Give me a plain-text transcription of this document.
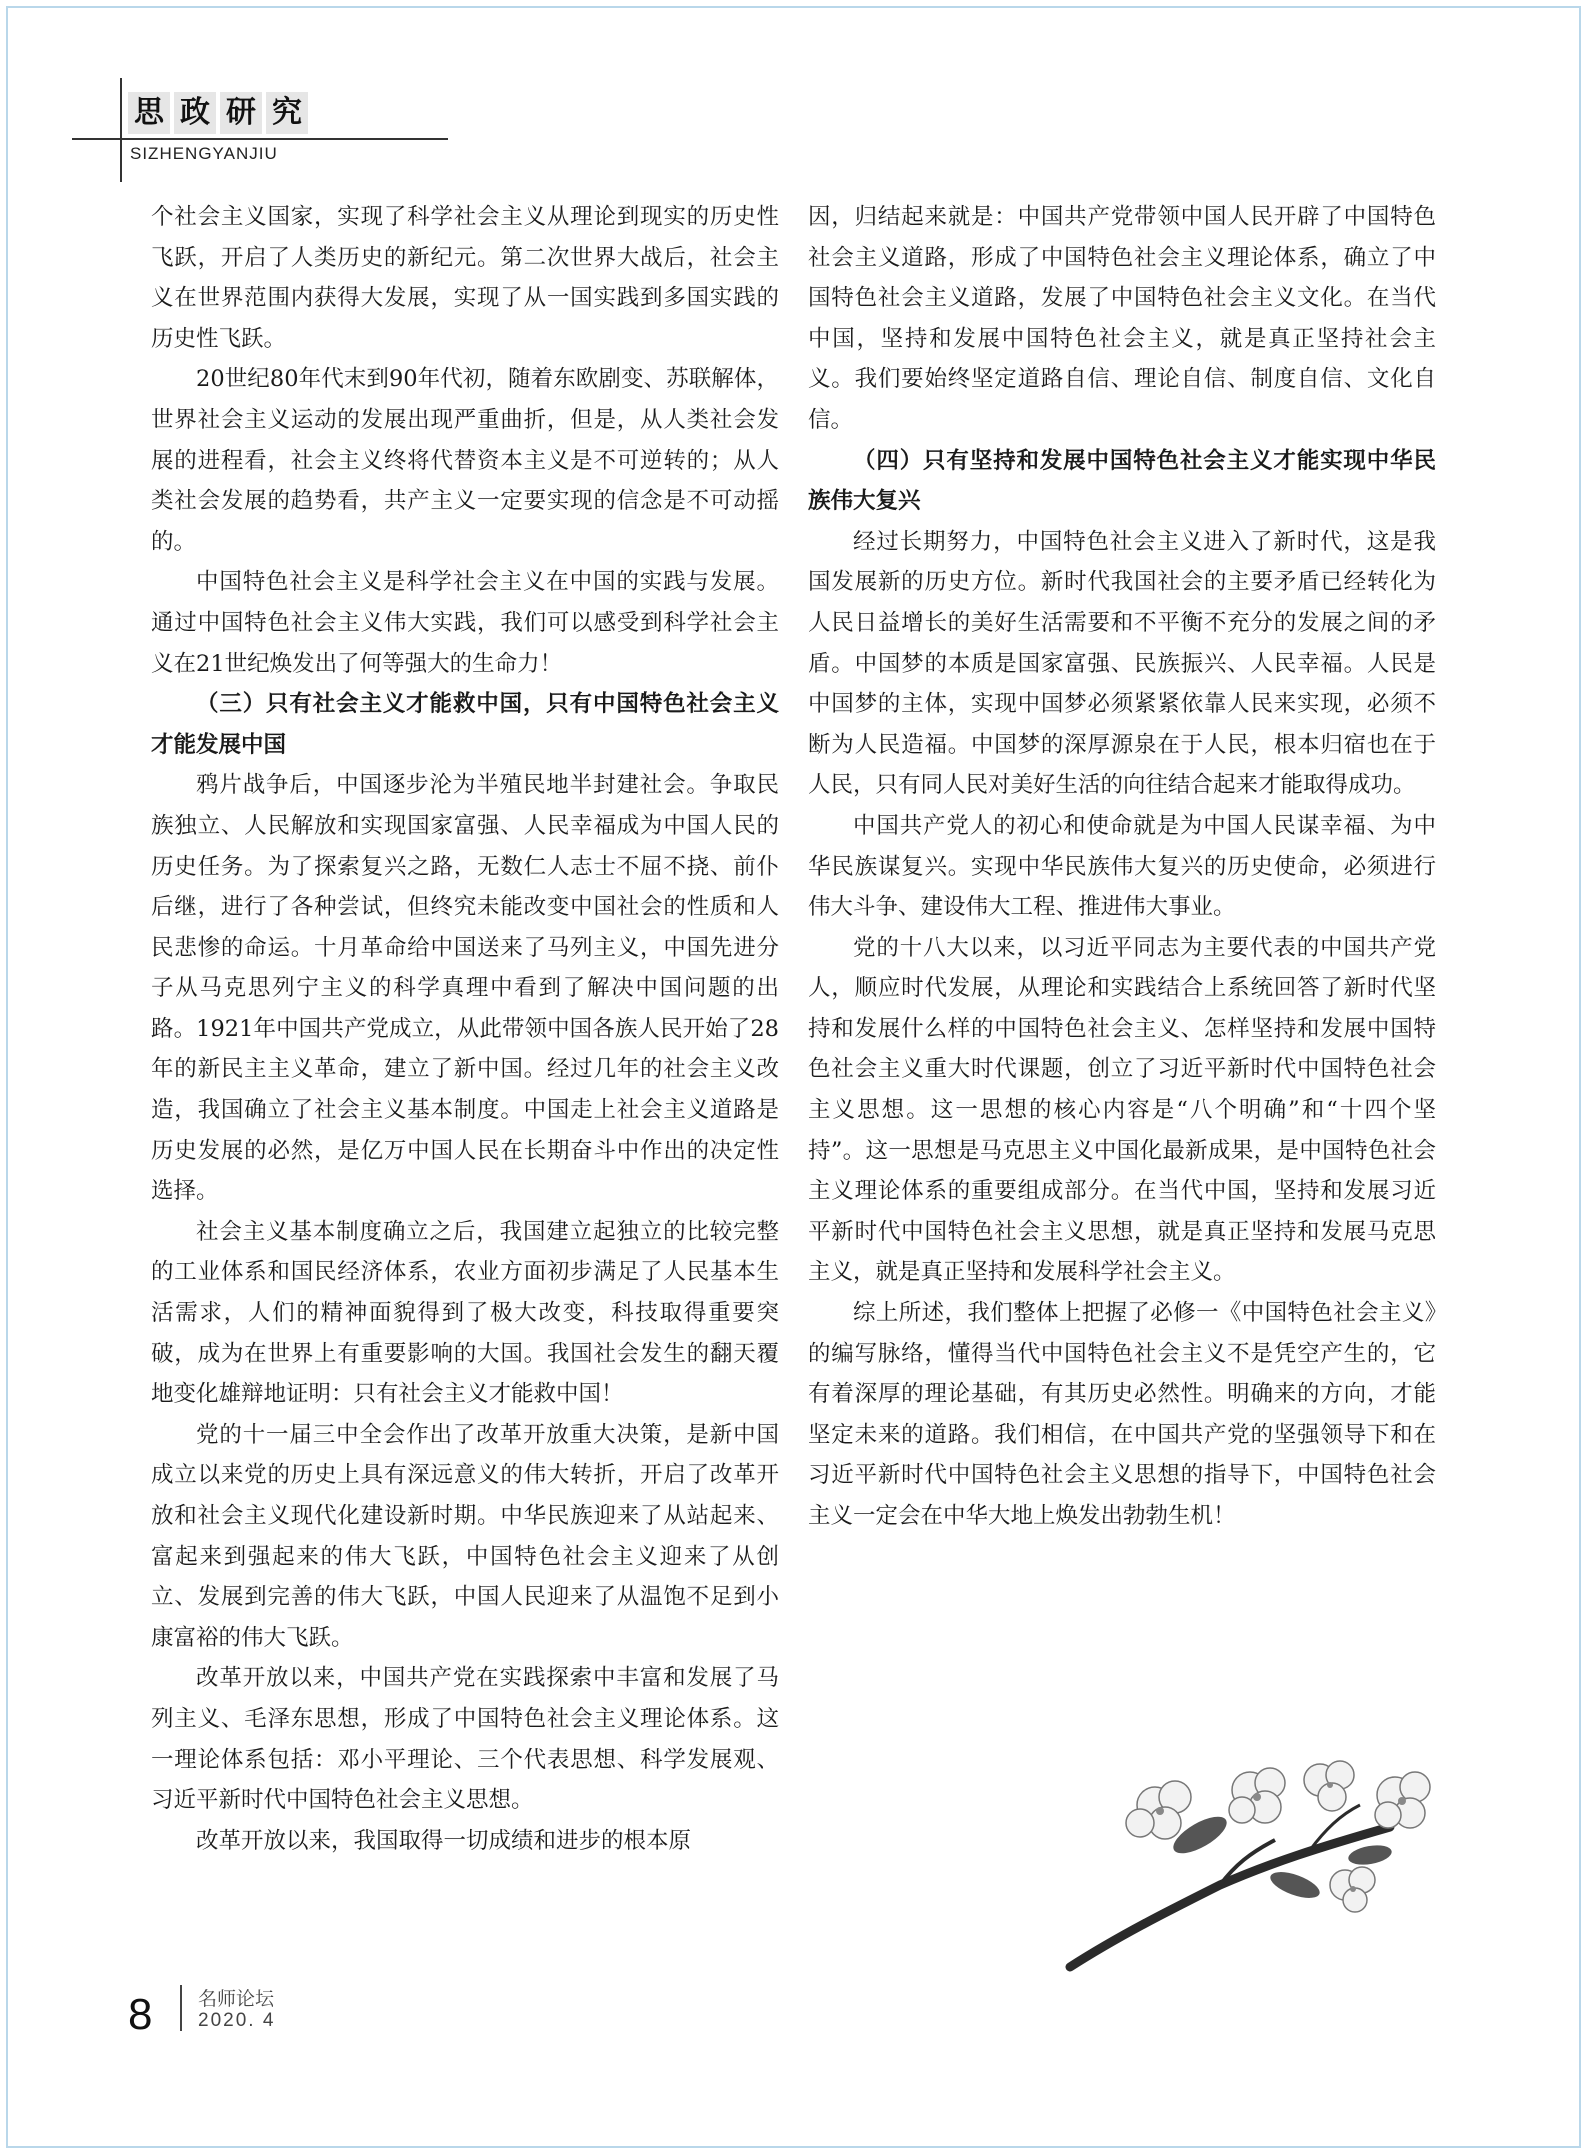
思 政 研 究
SIZHENGYANJIU

个社会主义国家，实现了科学社会主义从理论到现实的历史性飞跃，开启了人类历史的新纪元。第二次世界大战后，社会主义在世界范围内获得大发展，实现了从一国实践到多国实践的历史性飞跃。

20世纪80年代末到90年代初，随着东欧剧变、苏联解体，世界社会主义运动的发展出现严重曲折，但是，从人类社会发展的进程看，社会主义终将代替资本主义是不可逆转的；从人类社会发展的趋势看，共产主义一定要实现的信念是不可动摇的。

中国特色社会主义是科学社会主义在中国的实践与发展。通过中国特色社会主义伟大实践，我们可以感受到科学社会主义在21世纪焕发出了何等强大的生命力！

（三）只有社会主义才能救中国，只有中国特色社会主义才能发展中国

鸦片战争后，中国逐步沦为半殖民地半封建社会。争取民族独立、人民解放和实现国家富强、人民幸福成为中国人民的历史任务。为了探索复兴之路，无数仁人志士不屈不挠、前仆后继，进行了各种尝试，但终究未能改变中国社会的性质和人民悲惨的命运。十月革命给中国送来了马列主义，中国先进分子从马克思列宁主义的科学真理中看到了解决中国问题的出路。1921年中国共产党成立，从此带领中国各族人民开始了28年的新民主主义革命，建立了新中国。经过几年的社会主义改造，我国确立了社会主义基本制度。中国走上社会主义道路是历史发展的必然，是亿万中国人民在长期奋斗中作出的决定性选择。

社会主义基本制度确立之后，我国建立起独立的比较完整的工业体系和国民经济体系，农业方面初步满足了人民基本生活需求，人们的精神面貌得到了极大改变，科技取得重要突破，成为在世界上有重要影响的大国。我国社会发生的翻天覆地变化雄辩地证明：只有社会主义才能救中国！

党的十一届三中全会作出了改革开放重大决策，是新中国成立以来党的历史上具有深远意义的伟大转折，开启了改革开放和社会主义现代化建设新时期。中华民族迎来了从站起来、富起来到强起来的伟大飞跃，中国特色社会主义迎来了从创立、发展到完善的伟大飞跃，中国人民迎来了从温饱不足到小康富裕的伟大飞跃。

改革开放以来，中国共产党在实践探索中丰富和发展了马列主义、毛泽东思想，形成了中国特色社会主义理论体系。这一理论体系包括：邓小平理论、三个代表思想、科学发展观、习近平新时代中国特色社会主义思想。

改革开放以来，我国取得一切成绩和进步的根本原

因，归结起来就是：中国共产党带领中国人民开辟了中国特色社会主义道路，形成了中国特色社会主义理论体系，确立了中国特色社会主义道路，发展了中国特色社会主义文化。在当代中国，坚持和发展中国特色社会主义，就是真正坚持社会主义。我们要始终坚定道路自信、理论自信、制度自信、文化自信。

（四）只有坚持和发展中国特色社会主义才能实现中华民族伟大复兴

经过长期努力，中国特色社会主义进入了新时代，这是我国发展新的历史方位。新时代我国社会的主要矛盾已经转化为人民日益增长的美好生活需要和不平衡不充分的发展之间的矛盾。中国梦的本质是国家富强、民族振兴、人民幸福。人民是中国梦的主体，实现中国梦必须紧紧依靠人民来实现，必须不断为人民造福。中国梦的深厚源泉在于人民，根本归宿也在于人民，只有同人民对美好生活的向往结合起来才能取得成功。

中国共产党人的初心和使命就是为中国人民谋幸福、为中华民族谋复兴。实现中华民族伟大复兴的历史使命，必须进行伟大斗争、建设伟大工程、推进伟大事业。

党的十八大以来，以习近平同志为主要代表的中国共产党人，顺应时代发展，从理论和实践结合上系统回答了新时代坚持和发展什么样的中国特色社会主义、怎样坚持和发展中国特色社会主义重大时代课题，创立了习近平新时代中国特色社会主义思想。这一思想的核心内容是“八个明确”和“十四个坚持”。这一思想是马克思主义中国化最新成果，是中国特色社会主义理论体系的重要组成部分。在当代中国，坚持和发展习近平新时代中国特色社会主义思想，就是真正坚持和发展马克思主义，就是真正坚持和发展科学社会主义。

综上所述，我们整体上把握了必修一《中国特色社会主义》的编写脉络，懂得当代中国特色社会主义不是凭空产生的，它有着深厚的理论基础，有其历史必然性。明确来的方向，才能坚定未来的道路。我们相信，在中国共产党的坚强领导下和在习近平新时代中国特色社会主义思想的指导下，中国特色社会主义一定会在中华大地上焕发出勃勃生机！

8 名师论坛
2020. 4
